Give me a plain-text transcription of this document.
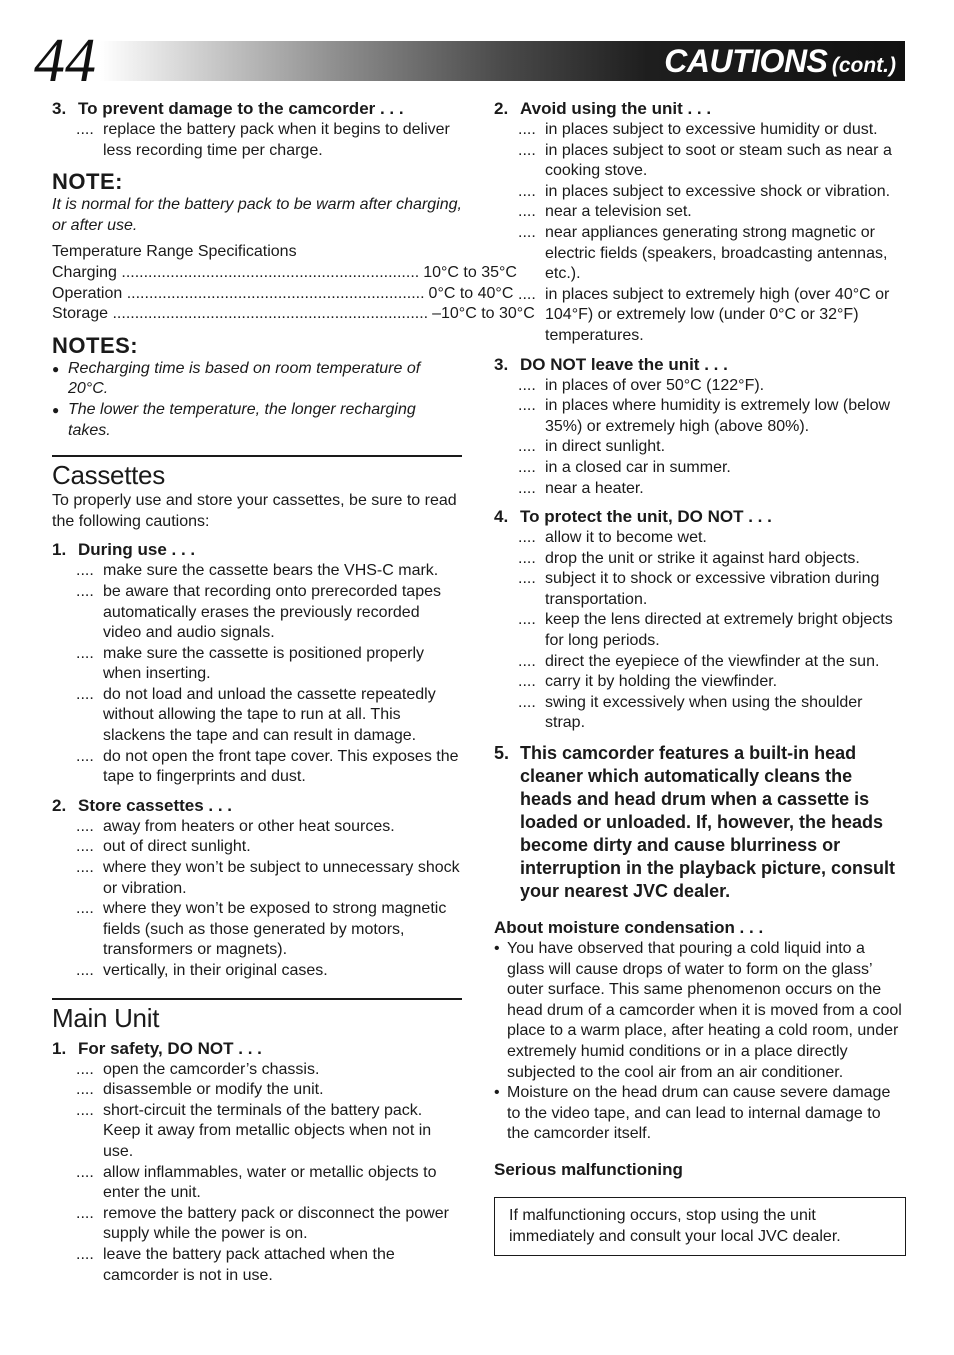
44	CAUTIONS (cont.)
3. To prevent damage to the camcorder . . .
.... replace the battery pack when it begins to deliver less recording time per charge.
NOTE:
It is normal for the battery pack to be warm after charging, or after use.
Temperature Range Specifications
Charging ................................................................... 10°C to 35°C
Operation ................................................................... 0°C to 40°C
Storage ....................................................................... –10°C to 30°C
NOTES:
● Recharging time is based on room temperature of 20°C.
● The lower the temperature, the longer recharging takes.
Cassettes
To properly use and store your cassettes, be sure to read the following cautions:
1. During use . . .
.... make sure the cassette bears the VHS-C mark.
.... be aware that recording onto prerecorded tapes automatically erases the previously recorded video and audio signals.
.... make sure the cassette is positioned properly when inserting.
.... do not load and unload the cassette repeatedly without allowing the tape to run at all. This slackens the tape and can result in damage.
.... do not open the front tape cover. This exposes the tape to fingerprints and dust.
2. Store cassettes . . .
.... away from heaters or other heat sources.
.... out of direct sunlight.
.... where they won’t be subject to unnecessary shock or vibration.
.... where they won’t be exposed to strong magnetic fields (such as those generated by motors, transformers or magnets).
.... vertically, in their original cases.
Main Unit
1. For safety, DO NOT . . .
.... open the camcorder’s chassis.
.... disassemble or modify the unit.
.... short-circuit the terminals of the battery pack. Keep it away from metallic objects when not in use.
.... allow inflammables, water or metallic objects to enter the unit.
.... remove the battery pack or disconnect the power supply while the power is on.
.... leave the battery pack attached when the camcorder is not in use.
2. Avoid using the unit . . .
.... in places subject to excessive humidity or dust.
.... in places subject to soot or steam such as near a cooking stove.
.... in places subject to excessive shock or vibration.
.... near a television set.
.... near appliances generating strong magnetic or electric fields (speakers, broadcasting antennas, etc.).
.... in places subject to extremely high (over 40°C or 104°F) or extremely low (under 0°C or 32°F) temperatures.
3. DO NOT leave the unit . . .
.... in places of over 50°C (122°F).
.... in places where humidity is extremely low (below 35%) or extremely high (above 80%).
.... in direct sunlight.
.... in a closed car in summer.
.... near a heater.
4. To protect the unit, DO NOT . . .
.... allow it to become wet.
.... drop the unit or strike it against hard objects.
.... subject it to shock or excessive vibration during transportation.
.... keep the lens directed at extremely bright objects for long periods.
.... direct the eyepiece of the viewfinder at the sun.
.... carry it by holding the viewfinder.
.... swing it excessively when using the shoulder strap.
5. This camcorder features a built-in head cleaner which automatically cleans the heads and head drum when a cassette is loaded or unloaded. If, however, the heads become dirty and cause blurriness or interruption in the playback picture, consult your nearest JVC dealer.
About moisture condensation . . .
• You have observed that pouring a cold liquid into a glass will cause drops of water to form on the glass’ outer surface. This same phenomenon occurs on the head drum of a camcorder when it is moved from a cool place to a warm place, after heating a cold room, under extremely humid conditions or in a place directly subjected to the cool air from an air conditioner.
• Moisture on the head drum can cause severe damage to the video tape, and can lead to internal damage to the camcorder itself.
Serious malfunctioning
If malfunctioning occurs, stop using the unit immediately and consult your local JVC dealer.
